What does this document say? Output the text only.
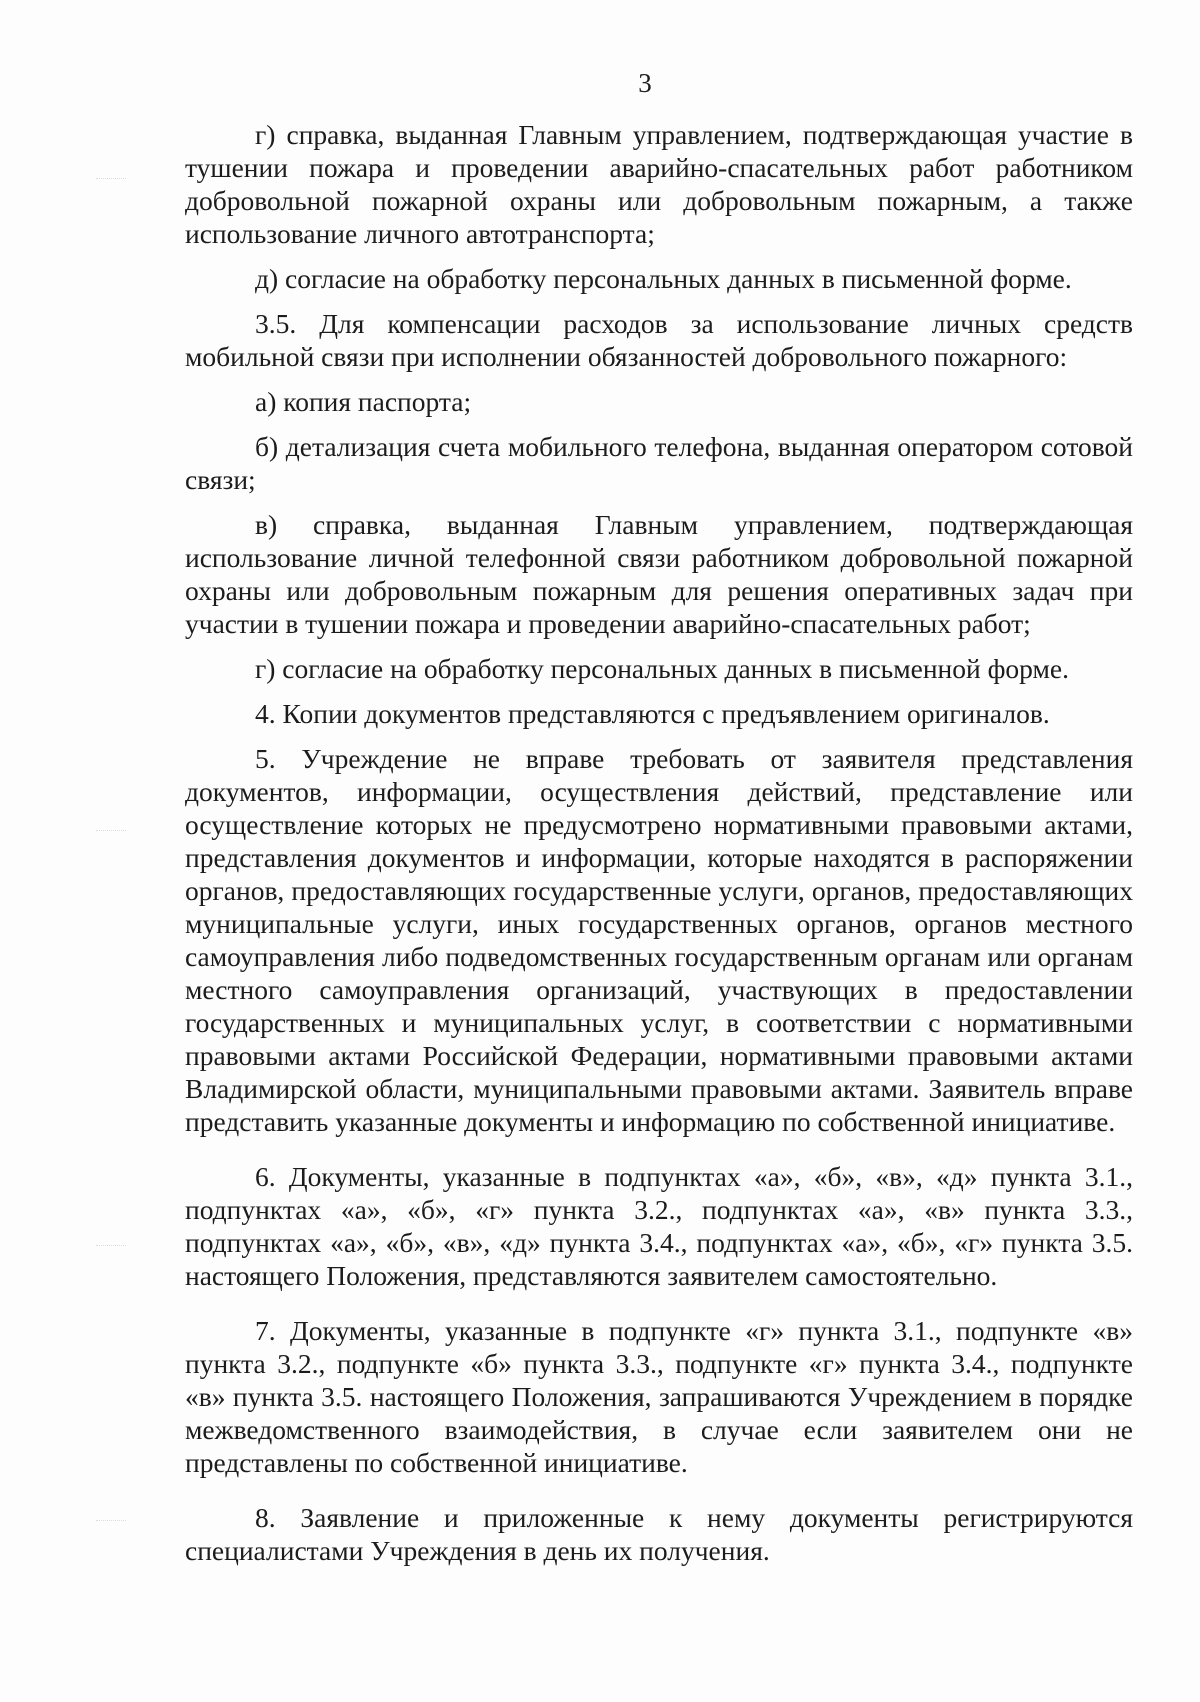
3

г) справка, выданная Главным управлением, подтверждающая участие в тушении пожара и проведении аварийно-спасательных работ работником добровольной пожарной охраны или добровольным пожарным, а также использование личного автотранспорта;

д) согласие на обработку персональных данных в письменной форме.

3.5. Для компенсации расходов за использование личных средств мобильной связи при исполнении обязанностей добровольного пожарного:

а) копия паспорта;

б) детализация счета мобильного телефона, выданная оператором сотовой связи;

в) справка, выданная Главным управлением, подтверждающая использование личной телефонной связи работником добровольной пожарной охраны или добровольным пожарным для решения оперативных задач при участии в тушении пожара и проведении аварийно-спасательных работ;

г) согласие на обработку персональных данных в письменной форме.

4. Копии документов представляются с предъявлением оригиналов.

5. Учреждение не вправе требовать от заявителя представления документов, информации, осуществления действий, представление или осуществление которых не предусмотрено нормативными правовыми актами, представления документов и информации, которые находятся в распоряжении органов, предоставляющих государственные услуги, органов, предоставляющих муниципальные услуги, иных государственных органов, органов местного самоуправления либо подведомственных государственным органам или органам местного самоуправления организаций, участвующих в предоставлении государственных и муниципальных услуг, в соответствии с нормативными правовыми актами Российской Федерации, нормативными правовыми актами Владимирской области, муниципальными правовыми актами. Заявитель вправе представить указанные документы и информацию по собственной инициативе.

6. Документы, указанные в подпунктах «а», «б», «в», «д» пункта 3.1., подпунктах «а», «б», «г» пункта 3.2., подпунктах «а», «в» пункта 3.3., подпунктах «а», «б», «в», «д» пункта 3.4., подпунктах «а», «б», «г» пункта 3.5. настоящего Положения, представляются заявителем самостоятельно.

7. Документы, указанные в подпункте «г» пункта 3.1., подпункте «в» пункта 3.2., подпункте «б» пункта 3.3., подпункте «г» пункта 3.4., подпункте «в» пункта 3.5. настоящего Положения, запрашиваются Учреждением в порядке межведомственного взаимодействия, в случае если заявителем они не представлены по собственной инициативе.

8. Заявление и приложенные к нему документы регистрируются специалистами Учреждения в день их получения.
